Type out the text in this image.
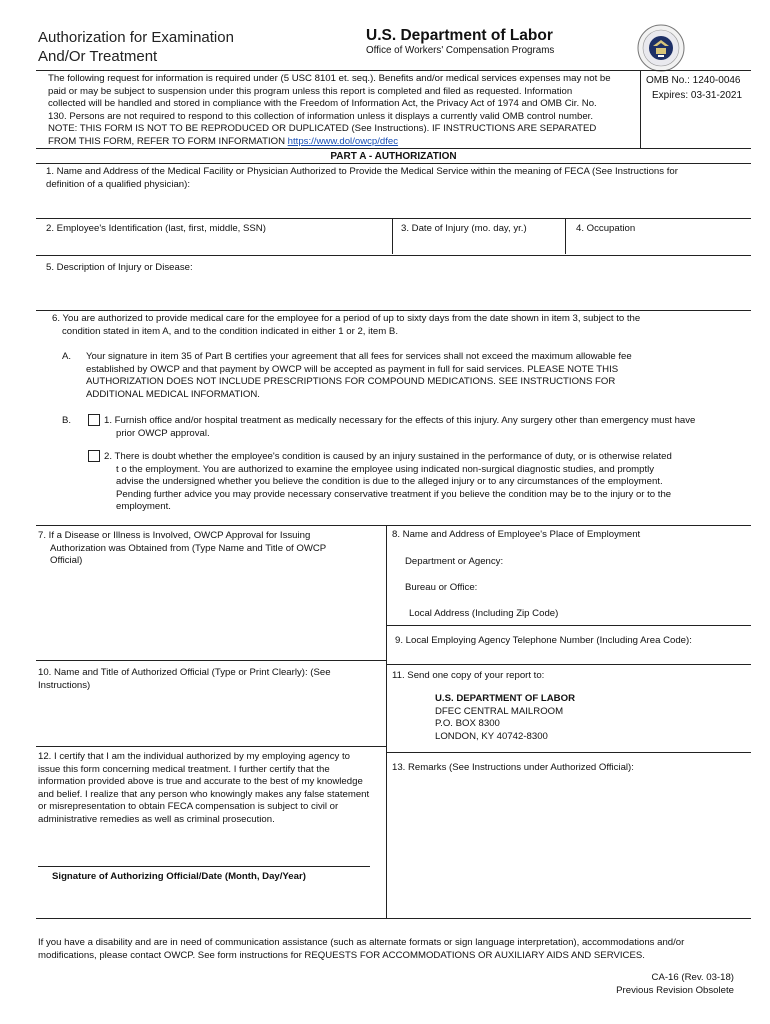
Authorization for Examination
And/Or Treatment
U.S. Department of Labor
Office of Workers' Compensation Programs
The following request for information is required under (5 USC 8101 et. seq.). Benefits and/or medical services expenses may not be
paid or may be subject to suspension under this program unless this report is completed and filed as requested. Information
collected will be handled and stored in compliance with the Freedom of Information Act, the Privacy Act of 1974 and OMB Cir. No.
130. Persons are not required to respond to this collection of information unless it displays a currently valid OMB control number.
NOTE: THIS FORM IS NOT TO BE REPRODUCED OR DUPLICATED (See Instructions). IF INSTRUCTIONS ARE SEPARATED
FROM THIS FORM, REFER TO FORM INFORMATION https://www.dol/owcp/dfec
OMB No.: 1240-0046
Expires: 03-31-2021
PART A - AUTHORIZATION
1. Name and Address of the Medical Facility or Physician Authorized to Provide the Medical Service within the meaning of FECA (See Instructions for
definition of a qualified physician):
2. Employee's Identification (last, first, middle, SSN)	3. Date of Injury (mo. day, yr.)	4. Occupation
5. Description of Injury or Disease:
6. You are authorized to provide medical care for the employee for a period of up to sixty days from the date shown in item 3, subject to the
condition stated in item A, and to the condition indicated in either 1 or 2, item B.
A. Your signature in item 35 of Part B certifies your agreement that all fees for services shall not exceed the maximum allowable fee
established by OWCP and that payment by OWCP will be accepted as payment in full for said services. PLEASE NOTE THIS
AUTHORIZATION DOES NOT INCLUDE PRESCRIPTIONS FOR COMPOUND MEDICATIONS. SEE INSTRUCTIONS FOR
ADDITIONAL MEDICAL INFORMATION.
B.	1. Furnish office and/or hospital treatment as medically necessary for the effects of this injury. Any surgery other than emergency must have
prior OWCP approval.
2. There is doubt whether the employee's condition is caused by an injury sustained in the performance of duty, or is otherwise related
t o the employment. You are authorized to examine the employee using indicated non-surgical diagnostic studies, and promptly
advise the undersigned whether you believe the condition is due to the alleged injury or to any circumstances of the employment.
Pending further advice you may provide necessary conservative treatment if you believe the condition may be to the injury or to the
employment.
7. If a Disease or Illness is Involved, OWCP Approval for Issuing
Authorization was Obtained from (Type Name and Title of OWCP
Official)
8. Name and Address of Employee's Place of Employment
Department or Agency:
Bureau or Office:
Local Address (Including Zip Code)
9. Local Employing Agency Telephone Number (Including Area Code):
10. Name and Title of Authorized Official (Type or Print Clearly): (See
Instructions)
11. Send one copy of your report to:
U.S. DEPARTMENT OF LABOR
DFEC CENTRAL MAILROOM
P.O. BOX 8300
LONDON, KY 40742-8300
12. I certify that I am the individual authorized by my employing agency to
issue this form concerning medical treatment. I further certify that the
information provided above is true and accurate to the best of my knowledge
and belief. I realize that any person who knowingly makes any false statement
or misrepresentation to obtain FECA compensation is subject to civil or
administrative remedies as well as criminal prosecution.
Signature of Authorizing Official/Date (Month, Day/Year)
13. Remarks (See Instructions under Authorized Official):
If you have a disability and are in need of communication assistance (such as alternate formats or sign language interpretation), accommodations and/or
modifications, please contact OWCP. See form instructions for REQUESTS FOR ACCOMMODATIONS OR AUXILIARY AIDS AND SERVICES.
CA-16 (Rev. 03-18)
Previous Revision Obsolete
